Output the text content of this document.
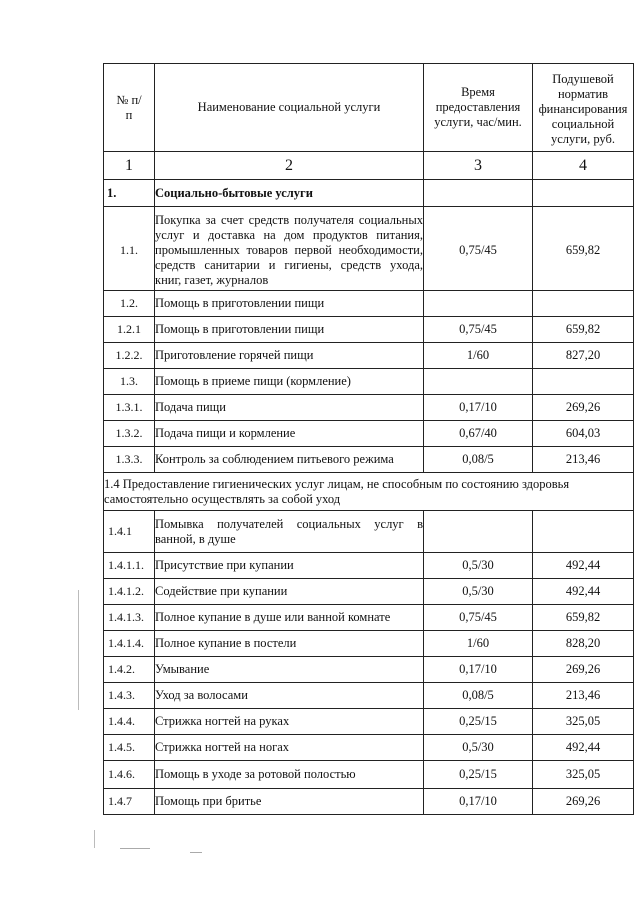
№ п/п	Наименование социальной услуги	Время предоставления услуги, час/мин.	Подушевой норматив финансирования социальной услуги, руб.
1	2	3	4
1.	Социально-бытовые услуги		
1.1.	Покупка за счет средств получателя социальных услуг и доставка на дом продуктов питания, промышленных товаров первой необходимости, средств санитарии и гигиены, средств ухода, книг, газет, журналов	0,75/45	659,82
1.2.	Помощь в приготовлении пищи		
1.2.1	Помощь в приготовлении пищи	0,75/45	659,82
1.2.2.	Приготовление горячей пищи	1/60	827,20
1.3.	Помощь в приеме пищи (кормление)		
1.3.1.	Подача пищи	0,17/10	269,26
1.3.2.	Подача пищи и кормление	0,67/40	604,03
1.3.3.	Контроль за соблюдением питьевого режима	0,08/5	213,46

1.4 Предоставление гигиенических услуг лицам, не способным по состоянию здоровья
самостоятельно осуществлять за собой уход			

1.4.1	Помывка получателей социальных услуг в ванной, в душе		
1.4.1.1.	Присутствие при купании	0,5/30	492,44
1.4.1.2.	Содействие при купании	0,5/30	492,44
1.4.1.3.	Полное купание в душе или ванной комнате	0,75/45	659,82
1.4.1.4.	Полное купание в постели	1/60	828,20
1.4.2.	Умывание	0,17/10	269,26
1.4.3.	Уход за волосами	0,08/5	213,46
1.4.4.	Стрижка ногтей на руках	0,25/15	325,05
1.4.5.	Стрижка ногтей на ногах	0,5/30	492,44
1.4.6.	Помощь в уходе за ротовой полостью	0,25/15	325,05
1.4.7	Помощь при бритье	0,17/10	269,26
